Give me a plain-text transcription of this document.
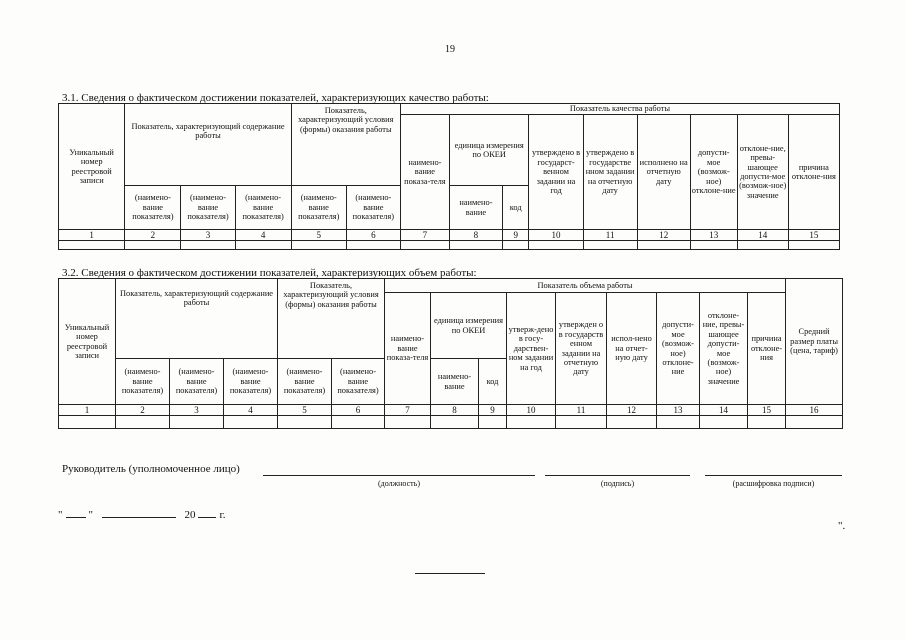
19
3.1. Сведения о фактическом достижении показателей, характеризующих качество работы:
Уникальный номер реестровой записи	Показатель, характеризующий содержание работы			Показатель, характеризующий условия (формы) оказания работы		Показатель качества работы								
						наимено-вание показа-теля	единица измерения по ОКЕИ		утверждено в государст-венном задании на год	утверждено в государстве нном задании на отчетную дату	исполнено на отчетную дату	допусти-мое (возмож-ное) отклоне-ние	отклоне-ние, превы-шающее допусти-мое (возмож-ное) значение	причина отклоне-ния
	(наимено-вание показателя)	(наимено-вание показателя)	(наимено-вание показателя)	(наимено-вание показателя)	(наимено-вание показателя)		наимено-вание	код						
1	2	3	4	5	6	7	8	9	10	11	12	13	14	15

3.2. Сведения о фактическом достижении показателей, характеризующих объем работы:
Уникальный номер реестровой записи	Показатель, характеризующий содержание работы			Показатель, характеризующий условия (формы) оказания работы		Показатель объема работы									Средний размер платы (цена, тариф)
						наимено-вание показа-теля	единица измерения по ОКЕИ		утверж-дено в госу-дарствен-ном задании на год	утвержден о в государств енном задании на отчетную дату	испол-нено на отчет-ную дату	допусти-мое (возмож-ное) отклоне-ние	отклоне-ние, превы-шающее допусти-мое (возмож-ное) значение	причина отклоне-ния	
	(наимено-вание показателя)	(наимено-вание показателя)	(наимено-вание показателя)	(наимено-вание показателя)	(наимено-вание показателя)		наимено-вание	код							
1	2	3	4	5	6	7	8	9	10	11	12	13	14	15	16

Руководитель (уполномоченное лицо)
(должность)	(подпись)	(расшифровка подписи)
" "	20 г.
".
